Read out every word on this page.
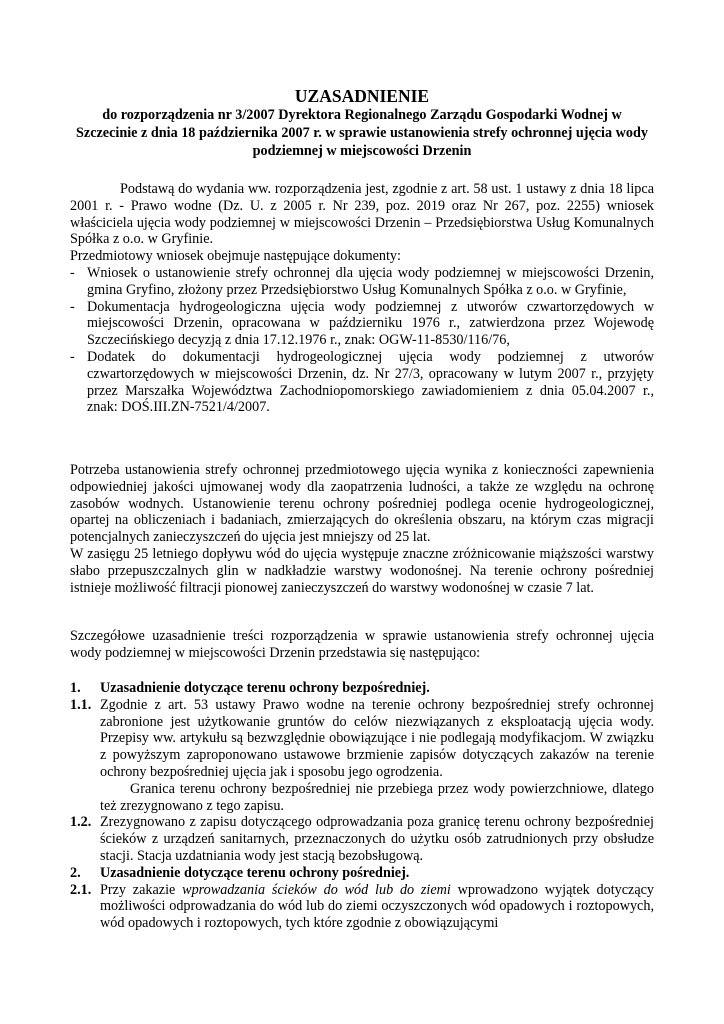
UZASADNIENIE
do rozporządzenia nr 3/2007 Dyrektora Regionalnego Zarządu Gospodarki Wodnej w Szczecinie z dnia 18 października 2007 r. w sprawie ustanowienia strefy ochronnej ujęcia wody podziemnej w miejscowości Drzenin

Podstawą do wydania ww. rozporządzenia jest, zgodnie z art. 58 ust. 1 ustawy z dnia 18 lipca 2001 r. - Prawo wodne (Dz. U. z 2005 r. Nr 239, poz. 2019 oraz Nr 267, poz. 2255) wniosek właściciela ujęcia wody podziemnej w miejscowości Drzenin – Przedsiębiorstwa Usług Komunalnych Spółka z o.o. w Gryfinie.

Przedmiotowy wniosek obejmuje następujące dokumenty:

- Wniosek o ustanowienie strefy ochronnej dla ujęcia wody podziemnej w miejscowości Drzenin, gmina Gryfino, złożony przez Przedsiębiorstwo Usług Komunalnych Spółka z o.o. w Gryfinie,
- Dokumentacja hydrogeologiczna ujęcia wody podziemnej z utworów czwartorzędowych w miejscowości Drzenin, opracowana w październiku 1976 r., zatwierdzona przez Wojewodę Szczecińskiego decyzją z dnia 17.12.1976 r., znak: OGW-11-8530/116/76,
- Dodatek do dokumentacji hydrogeologicznej ujęcia wody podziemnej z utworów czwartorzędowych w miejscowości Drzenin, dz. Nr 27/3, opracowany w lutym 2007 r., przyjęty przez Marszałka Województwa Zachodniopomorskiego zawiadomieniem z dnia 05.04.2007 r., znak: DOŚ.III.ZN-7521/4/2007.

Potrzeba ustanowienia strefy ochronnej przedmiotowego ujęcia wynika z konieczności zapewnienia odpowiedniej jakości ujmowanej wody dla zaopatrzenia ludności, a także ze względu na ochronę zasobów wodnych. Ustanowienie terenu ochrony pośredniej podlega ocenie hydrogeologicznej, opartej na obliczeniach i badaniach, zmierzających do określenia obszaru, na którym czas migracji potencjalnych zanieczyszczeń do ujęcia jest mniejszy od 25 lat.

W zasięgu 25 letniego dopływu wód do ujęcia występuje znaczne zróżnicowanie miąższości warstwy słabo przepuszczalnych glin w nadkładzie warstwy wodonośnej. Na terenie ochrony pośredniej istnieje możliwość filtracji pionowej zanieczyszczeń do warstwy wodonośnej w czasie 7 lat.

Szczegółowe uzasadnienie treści rozporządzenia w sprawie ustanowienia strefy ochronnej ujęcia wody podziemnej w miejscowości Drzenin przedstawia się następująco:

1. Uzasadnienie dotyczące terenu ochrony bezpośredniej.
1.1. Zgodnie z art. 53 ustawy Prawo wodne na terenie ochrony bezpośredniej strefy ochronnej zabronione jest użytkowanie gruntów do celów niezwiązanych z eksploatacją ujęcia wody. Przepisy ww. artykułu są bezwzględnie obowiązujące i nie podlegają modyfikacjom. W związku z powyższym zaproponowano ustawowe brzmienie zapisów dotyczących zakazów na terenie ochrony bezpośredniej ujęcia jak i sposobu jego ogrodzenia.
Granica terenu ochrony bezpośredniej nie przebiega przez wody powierzchniowe, dlatego też zrezygnowano z tego zapisu.
1.2. Zrezygnowano z zapisu dotyczącego odprowadzania poza granicę terenu ochrony bezpośredniej ścieków z urządzeń sanitarnych, przeznaczonych do użytku osób zatrudnionych przy obsłudze stacji. Stacja uzdatniania wody jest stacją bezobsługową.
2. Uzasadnienie dotyczące terenu ochrony pośredniej.
2.1. Przy zakazie wprowadzania ścieków do wód lub do ziemi wprowadzono wyjątek dotyczący możliwości odprowadzania do wód lub do ziemi oczyszczonych wód opadowych i roztopowych, wód opadowych i roztopowych, tych które zgodnie z obowiązującymi
